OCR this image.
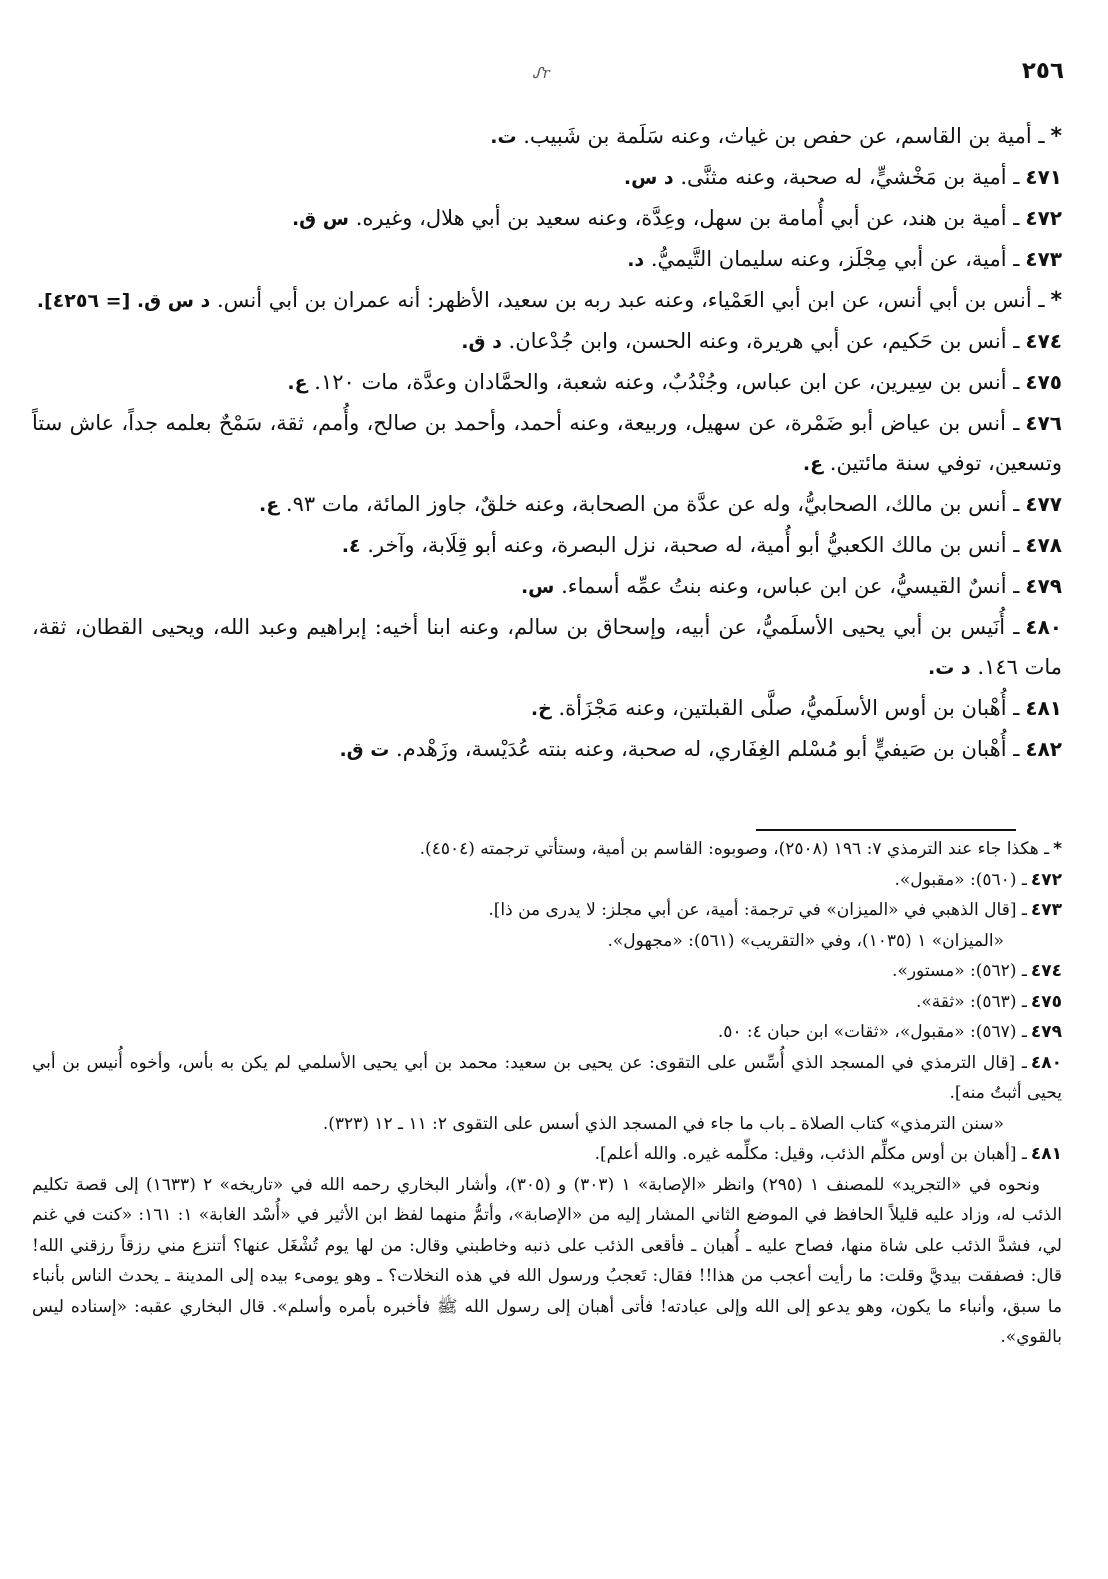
ᔑr	٢٥٦

*ـ أمية بن القاسم، عن حفص بن غياث، وعنه سَلَمة بن شَبيب. ت.

٤٧١ـ أمية بن مَخْشيٍّ، له صحبة، وعنه مثنَّى. د س.

٤٧٢ـ أمية بن هند، عن أبي أُمامة بن سهل، وعِدَّة، وعنه سعيد بن أبي هلال، وغيره. س ق.

٤٧٣ـ أمية، عن أبي مِجْلَز، وعنه سليمان التَّيميُّ. د.

*ـ أنس بن أبي أنس، عن ابن أبي العَمْياء، وعنه عبد ربه بن سعيد، الأظهر: أنه عمران بن أبي أنس. د س ق. [= ٤٢٥٦].

٤٧٤ـ أنس بن حَكيم، عن أبي هريرة، وعنه الحسن، وابن جُدْعان. د ق.

٤٧٥ـ أنس بن سِيرين، عن ابن عباس، وجُنْدُبٌ، وعنه شعبة، والحمَّادان وعدَّة، مات ١٢٠. ع.

٤٧٦ـ أنس بن عياض أبو ضَمْرة، عن سهيل، وربيعة، وعنه أحمد، وأحمد بن صالح، وأُمم، ثقة، سَمْحٌ بعلمه جداً، عاش ستاً وتسعين، توفي سنة مائتين. ع.

٤٧٧ـ أنس بن مالك، الصحابيُّ، وله عن عدَّة من الصحابة، وعنه خلقٌ، جاوز المائة، مات ٩٣. ع.

٤٧٨ـ أنس بن مالك الكعبيُّ أبو أُمية، له صحبة، نزل البصرة، وعنه أبو قِلَابة، وآخر. ٤.

٤٧٩ـ أنسٌ القيسيُّ، عن ابن عباس، وعنه بنتُ عمِّه أسماء. س.

٤٨٠ـ أُنَيس بن أبي يحيى الأسلَميُّ، عن أبيه، وإسحاق بن سالم، وعنه ابنا أخيه: إبراهيم وعبد الله، ويحيى القطان، ثقة، مات ١٤٦. د ت.

٤٨١ـ أُهْبان بن أوس الأسلَميُّ، صلَّى القبلتين، وعنه مَجْزَأة. خ.

٤٨٢ـ أُهْبان بن صَيفيٍّ أبو مُسْلم الغِفَاري، له صحبة، وعنه بنته عُدَيْسة، وزَهْدم. ت ق.

*ـ هكذا جاء عند الترمذي ٧: ١٩٦ (٢٥٠٨)، وصوبوه: القاسم بن أمية، وستأتي ترجمته (٤٥٠٤).

٤٧٢ـ (٥٦٠): «مقبول».

٤٧٣ـ [قال الذهبي في «الميزان» في ترجمة: أمية، عن أبي مجلز: لا يدرى من ذا].

«الميزان» ١ (١٠٣٥)، وفي «التقريب» (٥٦١): «مجهول».

٤٧٤ـ (٥٦٢): «مستور».

٤٧٥ـ (٥٦٣): «ثقة».

٤٧٩ـ (٥٦٧): «مقبول»، «ثقات» ابن حبان ٤: ٥٠.

٤٨٠ـ [قال الترمذي في المسجد الذي أُسِّس على التقوى: عن يحيى بن سعيد: محمد بن أبي يحيى الأسلمي لم يكن به بأس، وأخوه أُنيس بن أبي يحيى أثبتُ منه].

«سنن الترمذي» كتاب الصلاة ـ باب ما جاء في المسجد الذي أسس على التقوى ٢: ١١ ـ ١٢ (٣٢٣).

٤٨١ـ [أهبان بن أوس مكلِّم الذئب، وقيل: مكلِّمه غيره. والله أعلم].

ونحوه في «التجريد» للمصنف ١ (٢٩٥) وانظر «الإصابة» ١ (٣٠٣) و (٣٠٥)، وأشار البخاري رحمه الله في «تاريخه» ٢ (١٦٣٣) إلى قصة تكليم الذئب له، وزاد عليه قليلاً الحافظ في الموضع الثاني المشار إليه من «الإصابة»، وأتمُّ منهما لفظ ابن الأثير في «أُسْد الغابة» ١: ١٦١: «كنت في غنم لي، فشدَّ الذئب على شاة منها، فصاح عليه ـ أُهبان ـ فأقعى الذئب على ذنبه وخاطبني وقال: من لها يوم تُشْغَل عنها؟ أتنزع مني رزقاً رزقني الله! قال: فصفقت بيديَّ وقلت: ما رأيت أعجب من هذا!! فقال: تَعجبُ ورسول الله في هذه النخلات؟ ـ وهو يومىء بيده إلى المدينة ـ يحدث الناس بأنباء ما سبق، وأنباء ما يكون، وهو يدعو إلى الله وإلى عبادته! فأتى أهبان إلى رسول الله ﷺ فأخبره بأمره وأسلم». قال البخاري عقبه: «إسناده ليس بالقوي».
